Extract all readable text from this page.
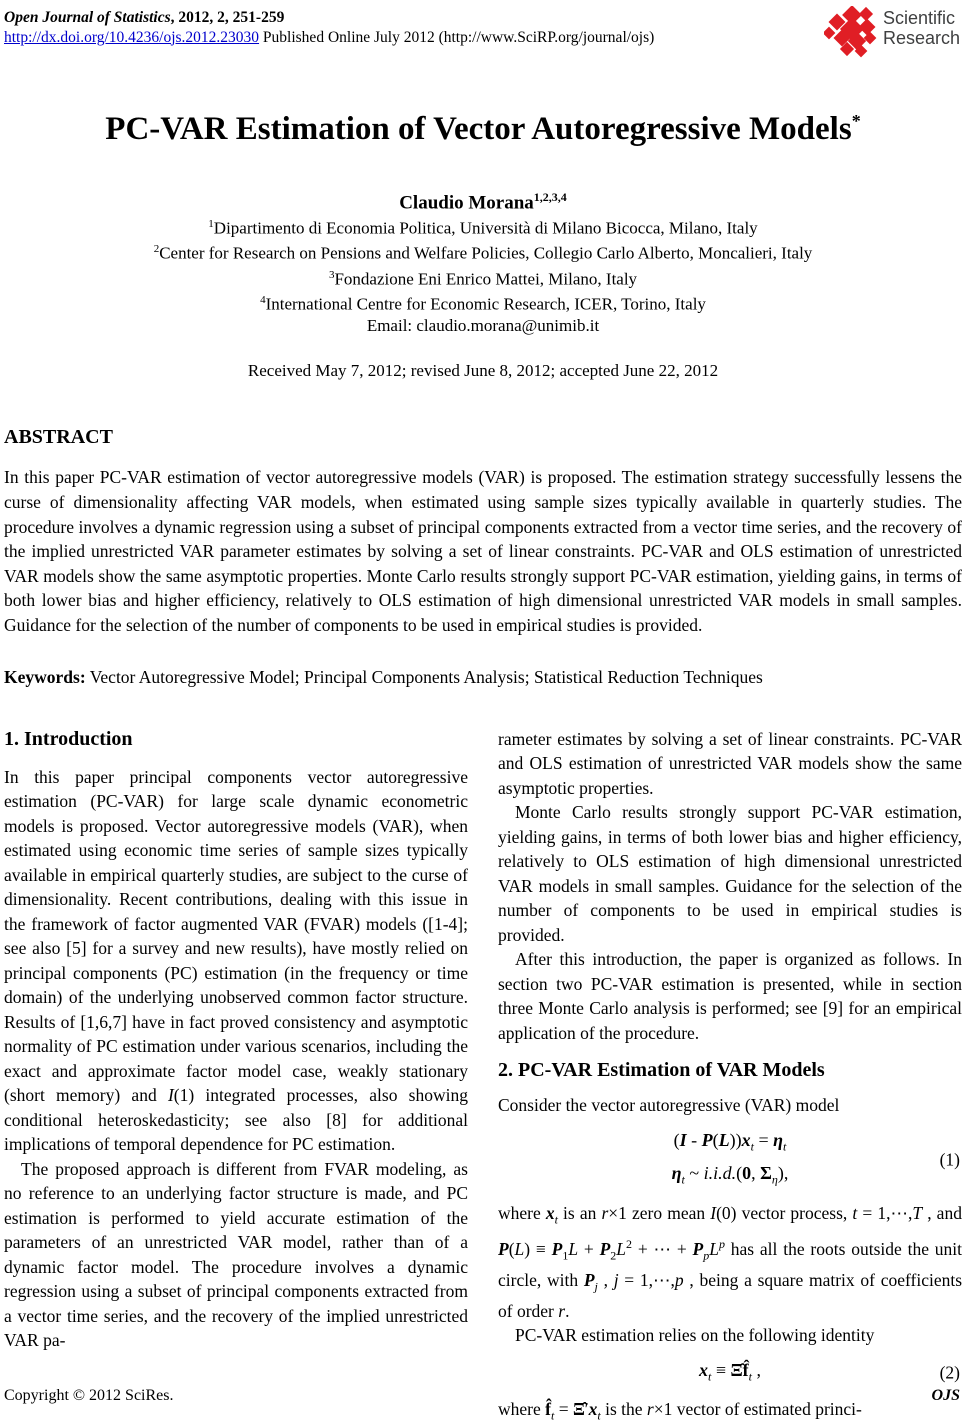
Open Journal of Statistics, 2012, 2, 251-259
http://dx.doi.org/10.4236/ojs.2012.23030 Published Online July 2012 (http://www.SciRP.org/journal/ojs)
Scientific
Research
PC-VAR Estimation of Vector Autoregressive Models*
Claudio Morana$^{1,2,3,4}$
$^1$Dipartimento di Economia Politica, Università di Milano Bicocca, Milano, Italy
$^2$Center for Research on Pensions and Welfare Policies, Collegio Carlo Alberto, Moncalieri, Italy
$^3$Fondazione Eni Enrico Mattei, Milano, Italy
$^4$International Centre for Economic Research, ICER, Torino, Italy
Email: claudio.morana@unimib.it
Received May 7, 2012; revised June 8, 2012; accepted June 22, 2012
ABSTRACT

In this paper PC-VAR estimation of vector autoregressive models (VAR) is proposed. The estimation strategy successfully lessens the curse of dimensionality affecting VAR models, when estimated using sample sizes typically available in quarterly studies. The procedure involves a dynamic regression using a subset of principal components extracted from a vector time series, and the recovery of the implied unrestricted VAR parameter estimates by solving a set of linear constraints. PC-VAR and OLS estimation of unrestricted VAR models show the same asymptotic properties. Monte Carlo results strongly support PC-VAR estimation, yielding gains, in terms of both lower bias and higher efficiency, relatively to OLS estimation of high dimensional unrestricted VAR models in small samples. Guidance for the selection of the number of components to be used in empirical studies is provided.

Keywords: Vector Autoregressive Model; Principal Components Analysis; Statistical Reduction Techniques
1. Introduction

In this paper principal components vector autoregressive estimation (PC-VAR) for large scale dynamic econometric models is proposed. Vector autoregressive models (VAR), when estimated using economic time series of sample sizes typically available in empirical quarterly studies, are subject to the curse of dimensionality. Recent contributions, dealing with this issue in the framework of factor augmented VAR (FVAR) models ([1-4]; see also [5] for a survey and new results), have mostly relied on principal components (PC) estimation (in the frequency or time domain) of the underlying unobserved common factor structure. Results of [1,6,7] have in fact proved consistency and asymptotic normality of PC estimation under various scenarios, including the exact and approximate factor model case, weakly stationary (short memory) and I(1) integrated processes, also showing conditional heteroskedasticity; see also [8] for additional implications of temporal dependence for PC estimation.

The proposed approach is different from FVAR modeling, as no reference to an underlying factor structure is made, and PC estimation is performed to yield accurate estimation of the parameters of an unrestricted VAR model, rather than of a dynamic factor model. The procedure involves a dynamic regression using a subset of principal components extracted from a vector time series, and the recovery of the implied unrestricted VAR pa-

rameter estimates by solving a set of linear constraints. PC-VAR and OLS estimation of unrestricted VAR models show the same asymptotic properties.

Monte Carlo results strongly support PC-VAR estimation, yielding gains, in terms of both lower bias and higher efficiency, relatively to OLS estimation of high dimensional unrestricted VAR models in small samples. Guidance for the selection of the number of components to be used in empirical studies is provided.

After this introduction, the paper is organized as follows. In section two PC-VAR estimation is presented, while in section three Monte Carlo analysis is performed; see [9] for an empirical application of the procedure.

2. PC-VAR Estimation of VAR Models

Consider the vector autoregressive (VAR) model

$(I - P(L))x_t = \eta_t$
$\eta_t$ ~ i.i.d.(0, $\Sigma_\eta$),
(1)

where $x_t$ is an r×1 zero mean I(0) vector process, t = 1,⋯,T , and $P(L) \equiv P_1L + P_2L^2$ + ⋯ + $P_pL^p$ has all the roots outside the unit circle, with $P_j$ , j = 1,⋯,p , being a square matrix of coefficients of order r.

PC-VAR estimation relies on the following identity

$x_t$ ≡ $\Xîf̂_t$ ,	(2)

where $f̂_t$ = $\Xî'x_t$ is the r×1 vector of estimated princi-

Copyright © 2012 SciRes.	OJS
